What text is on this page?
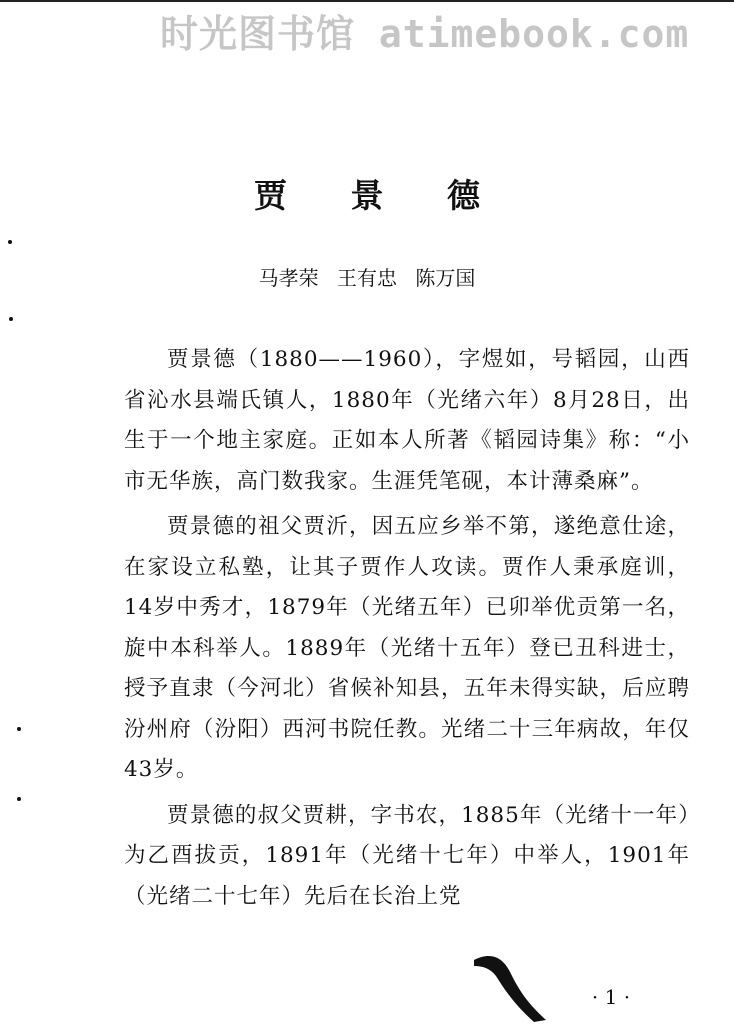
时光图书馆 atimebook.com
贾 景 德
马孝荣 王有忠 陈万国

贾景德（1880——1960），字煜如，号韬园，山西省沁水县端氏镇人，1880年（光绪六年）8月28日，出生于一个地主家庭。正如本人所著《韬园诗集》称：“小市无华族，高门数我家。生涯凭笔砚，本计薄桑麻”。

贾景德的祖父贾沂，因五应乡举不第，遂绝意仕途，在家设立私塾，让其子贾作人攻读。贾作人秉承庭训，14岁中秀才，1879年（光绪五年）已卯举优贡第一名，旋中本科举人。1889年（光绪十五年）登已丑科进士，授予直隶（今河北）省候补知县，五年未得实缺，后应聘汾州府（汾阳）西河书院任教。光绪二十三年病故，年仅43岁。

贾景德的叔父贾耕，字书农，1885年（光绪十一年）为乙酉拔贡，1891年（光绪十七年）中举人，1901年（光绪二十七年）先后在长治上党

· 1 ·
